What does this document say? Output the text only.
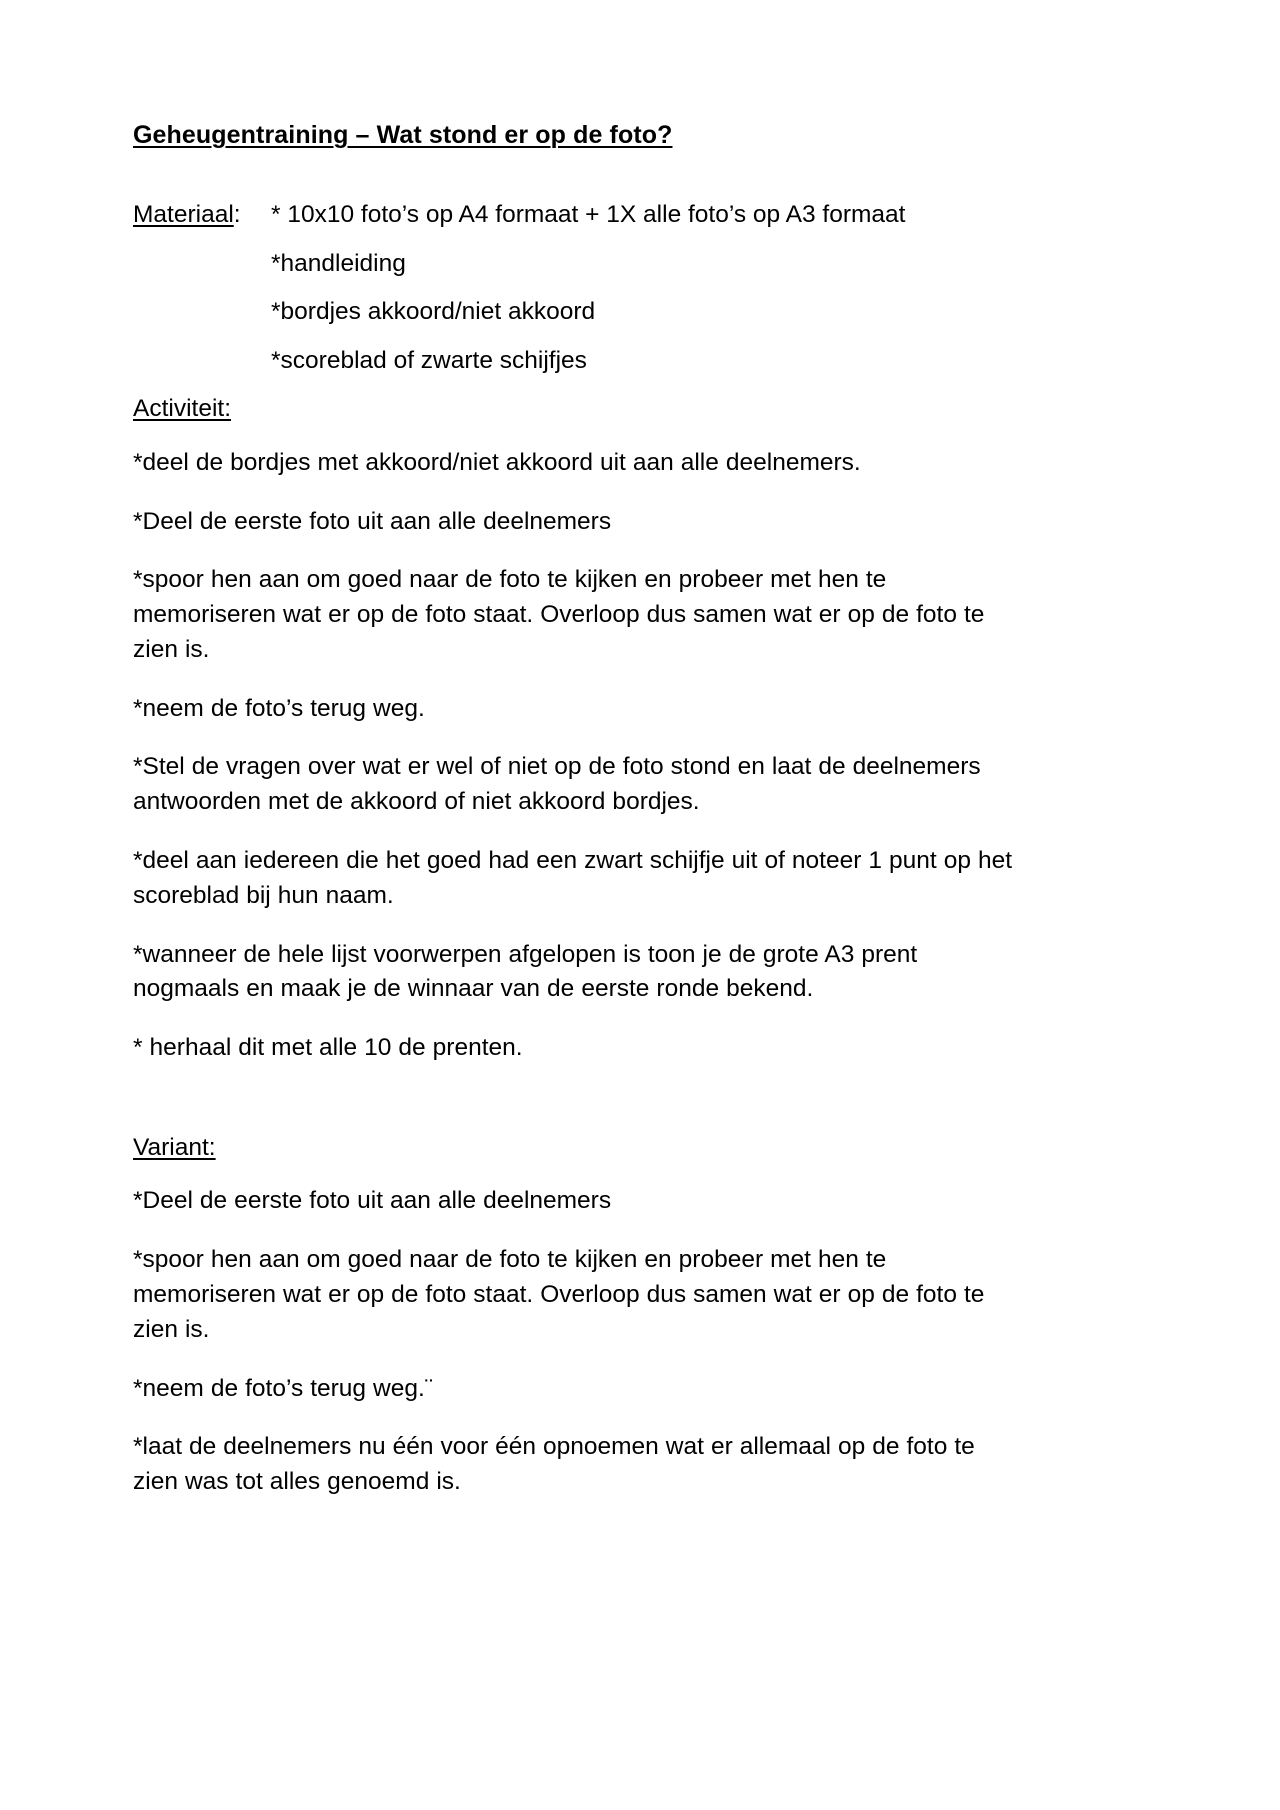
Geheugentraining – Wat stond er op de foto?
Materiaal:	* 10x10 foto’s op A4 formaat + 1X alle foto’s op A3 formaat
*handleiding
*bordjes akkoord/niet akkoord
*scoreblad of zwarte schijfjes
Activiteit:

*deel de bordjes met akkoord/niet akkoord uit aan alle deelnemers.

*Deel de eerste foto uit aan alle deelnemers

*spoor hen aan om goed naar de foto te kijken en probeer met hen te memoriseren wat er op de foto staat. Overloop dus samen wat er op de foto te zien is.

*neem de foto’s terug weg.

*Stel de vragen over wat er wel of niet op de foto stond en laat de deelnemers antwoorden met de akkoord of niet akkoord bordjes.

*deel aan iedereen die het goed had een zwart schijfje uit of noteer 1 punt op het scoreblad bij hun naam.

*wanneer de hele lijst voorwerpen afgelopen is toon je de grote A3 prent nogmaals en maak je de winnaar van de eerste ronde bekend.

* herhaal dit met alle 10 de prenten.

Variant:

*Deel de eerste foto uit aan alle deelnemers

*spoor hen aan om goed naar de foto te kijken en probeer met hen te memoriseren wat er op de foto staat. Overloop dus samen wat er op de foto te zien is.

*neem de foto’s terug weg.¨

*laat de deelnemers nu één voor één opnoemen wat er allemaal op de foto te zien was tot alles genoemd is.
